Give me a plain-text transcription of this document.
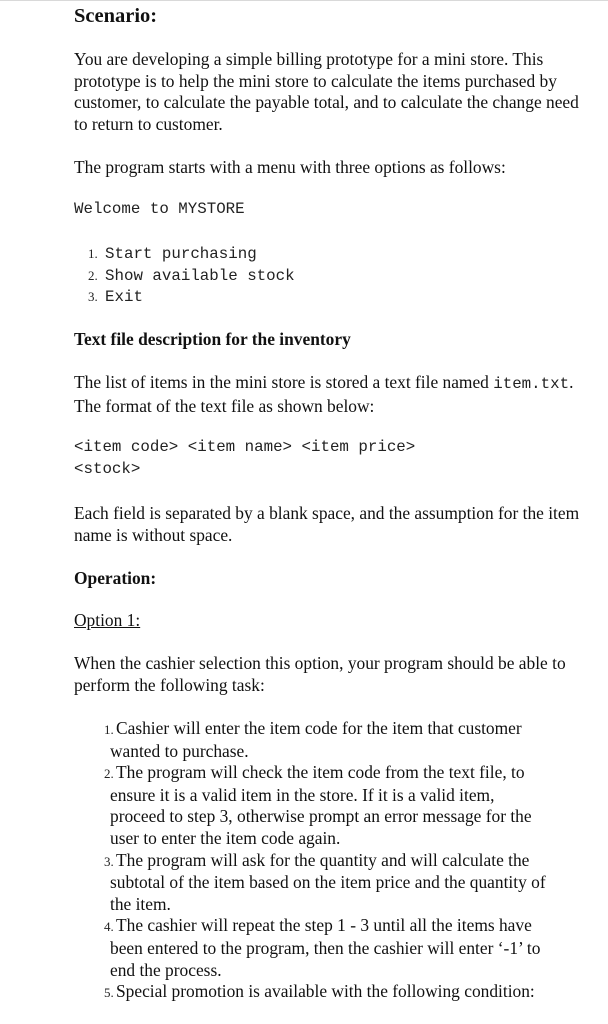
Scenario:

You are developing a simple billing prototype for a mini store. This prototype is to help the mini store to calculate the items purchased by customer, to calculate the payable total, and to calculate the change need to return to customer.

The program starts with a menu with three options as follows:

Welcome to MYSTORE

1. Start purchasing
2. Show available stock
3. Exit

Text file description for the inventory

The list of items in the mini store is stored a text file named item.txt. The format of the text file as shown below:

<item code> <item name> <item price>

<stock>

Each field is separated by a blank space, and the assumption for the item name is without space.

Operation:

Option 1:

When the cashier selection this option, your program should be able to perform the following task:

1. Cashier will enter the item code for the item that customer wanted to purchase.
2. The program will check the item code from the text file, to ensure it is a valid item in the store. If it is a valid item, proceed to step 3, otherwise prompt an error message for the user to enter the item code again.
3. The program will ask for the quantity and will calculate the subtotal of the item based on the item price and the quantity of the item.
4. The cashier will repeat the step 1 - 3 until all the items have been entered to the program, then the cashier will enter ‘-1’ to end the process.
5. Special promotion is available with the following condition:
